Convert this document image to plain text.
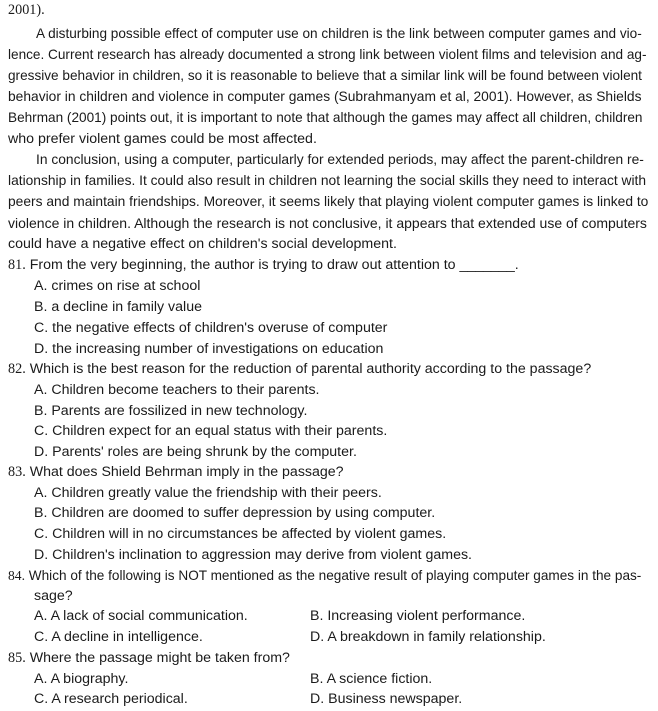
2001).
A disturbing possible effect of computer use on children is the link between computer games and vio-
lence. Current research has already documented a strong link between violent films and television and ag-
gressive behavior in children, so it is reasonable to believe that a similar link will be found between violent
behavior in children and violence in computer games (Subrahmanyam et al, 2001). However, as Shields
Behrman (2001) points out, it is important to note that although the games may affect all children, children
who prefer violent games could be most affected.
In conclusion, using a computer, particularly for extended periods, may affect the parent-children re-
lationship in families. It could also result in children not learning the social skills they need to interact with
peers and maintain friendships. Moreover, it seems likely that playing violent computer games is linked to
violence in children. Although the research is not conclusive, it appears that extended use of computers
could have a negative effect on children's social development.
81. From the very beginning, the author is trying to draw out attention to _______.
A. crimes on rise at school
B. a decline in family value
C. the negative effects of children's overuse of computer
D. the increasing number of investigations on education
82. Which is the best reason for the reduction of parental authority according to the passage?
A. Children become teachers to their parents.
B. Parents are fossilized in new technology.
C. Children expect for an equal status with their parents.
D. Parents' roles are being shrunk by the computer.
83. What does Shield Behrman imply in the passage?
A. Children greatly value the friendship with their peers.
B. Children are doomed to suffer depression by using computer.
C. Children will in no circumstances be affected by violent games.
D. Children's inclination to aggression may derive from violent games.
84. Which of the following is NOT mentioned as the negative result of playing computer games in the pas-
sage?
A. A lack of social communication.	B. Increasing violent performance.
C. A decline in intelligence.	D. A breakdown in family relationship.
85. Where the passage might be taken from?
A. A biography.	B. A science fiction.
C. A research periodical.	D. Business newspaper.
